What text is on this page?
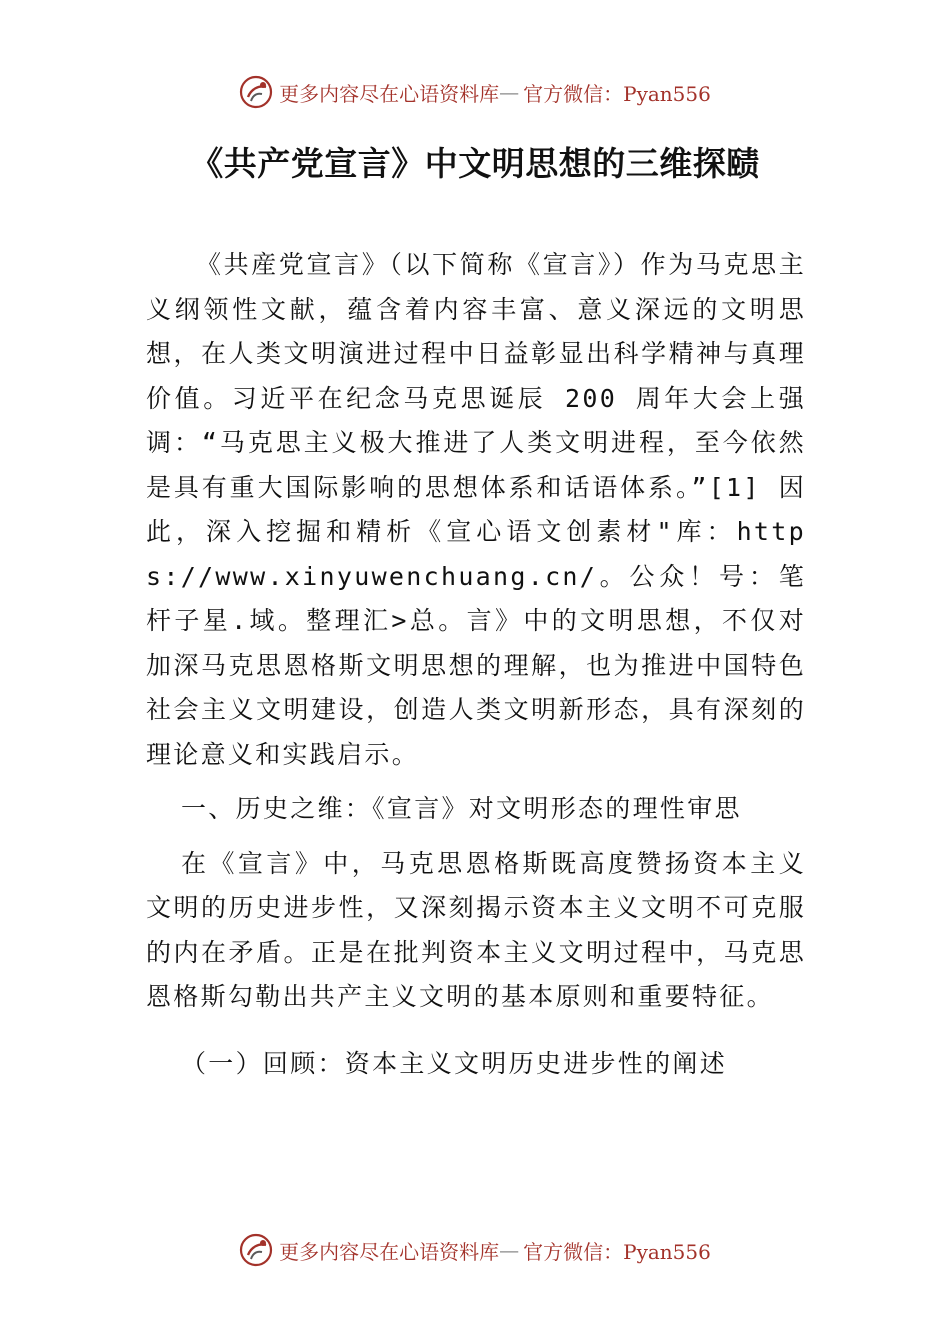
更多内容尽在心语资料库 — 官方微信：Pyan556
《共产党宣言》中文明思想的三维探赜

《共産党宣言》（以下简称《宣言》）作为马克思主义纲领性文献，蕴含着内容丰富、意义深远的文明思想，在人类文明演进过程中日益彰显出科学精神与真理价值。习近平在纪念马克思诞辰 200 周年大会上强调：“马克思主义极大推进了人类文明进程，至今依然是具有重大国际影响的思想体系和话语体系。”[1] 因此，深入挖掘和精析《宣心语文创素材"库：https://www.xinyuwenchuang.cn/。公众！号：笔杆子星.域。整理汇>总。言》中的文明思想，不仅对加深马克思恩格斯文明思想的理解，也为推进中国特色社会主义文明建设，创造人类文明新形态，具有深刻的理论意义和实践启示。

一、历史之维：《宣言》对文明形态的理性审思

在《宣言》中，马克思恩格斯既高度赞扬资本主义文明的历史进步性，又深刻揭示资本主义文明不可克服的内在矛盾。正是在批判资本主义文明过程中，马克思恩格斯勾勒出共产主义文明的基本原则和重要特征。

（一）回顾：资本主义文明历史进步性的阐述

更多内容尽在心语资料库 — 官方微信：Pyan556
